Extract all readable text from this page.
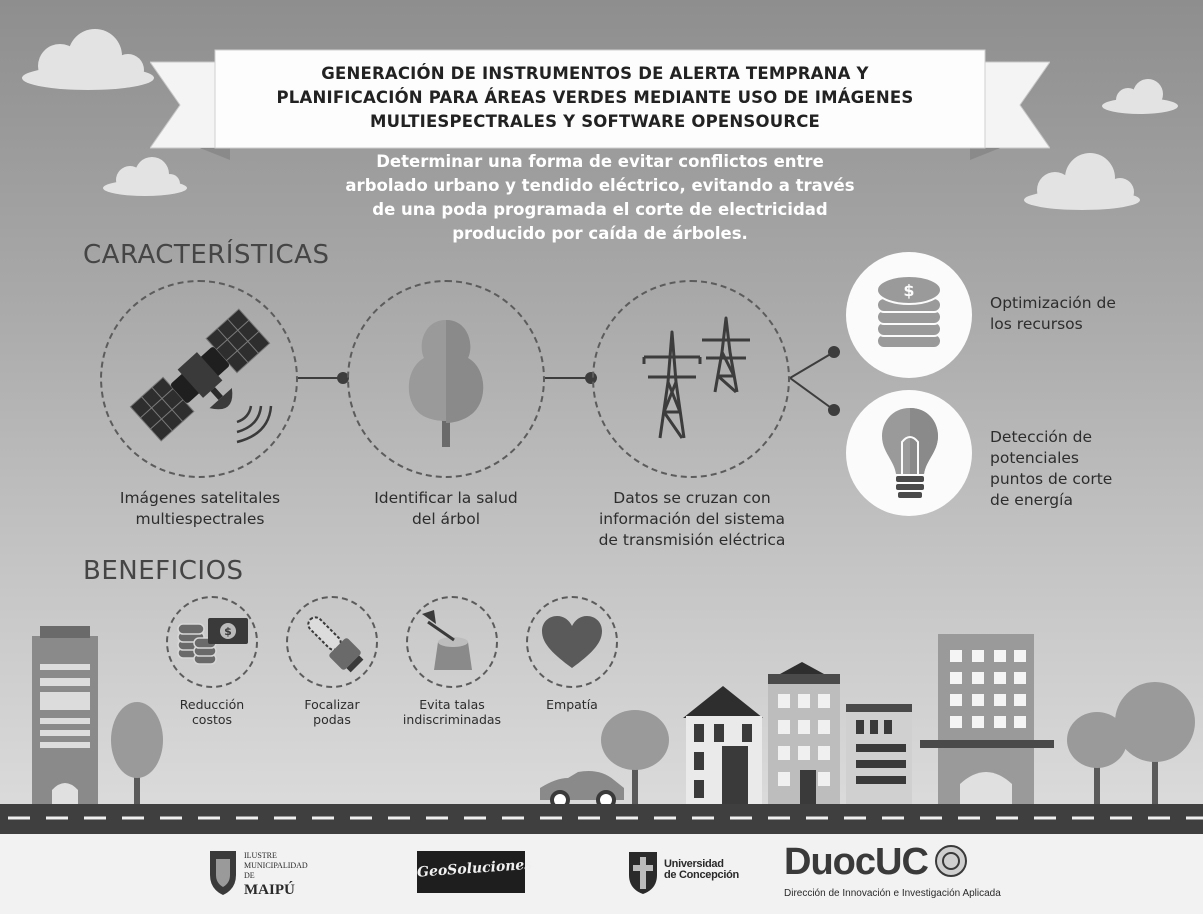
GENERACIÓN DE INSTRUMENTOS DE ALERTA TEMPRANA Y
PLANIFICACIÓN PARA ÁREAS VERDES MEDIANTE USO DE IMÁGENES
MULTIESPECTRALES Y SOFTWARE OPENSOURCE
Determinar una forma de evitar conflictos entre
arbolado urbano y tendido eléctrico, evitando a través
de una poda programada el corte de electricidad
producido por caída de árboles.
CARACTERÍSTICAS
Imágenes satelitales
multiespectrales
Identificar la salud
del árbol
Datos se cruzan con
información del sistema
de transmisión eléctrica
$
Optimización de
los recursos
Detección de
potenciales
puntos de corte
de energía
BENEFICIOS
$
Reducción
costos
Focalizar
podas
Evita talas
indiscriminadas
Empatía
ILUSTRE
MUNICIPALIDAD DE
MAIPÚ
GeoSoluciones	Universidad
de Concepción DuocUC
Dirección de Innovación e Investigación Aplicada
